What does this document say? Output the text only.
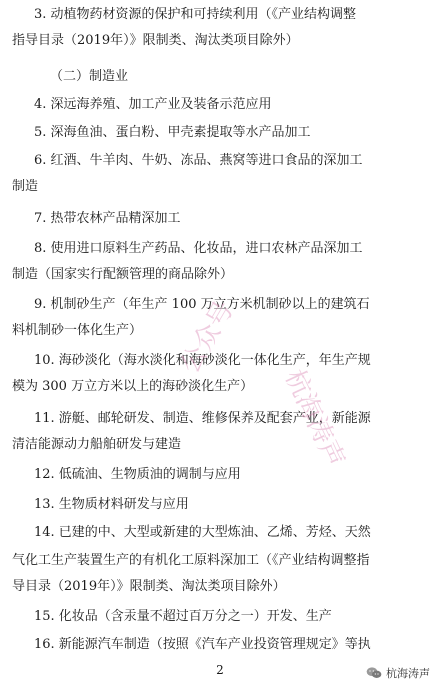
3. 动植物药材资源的保护和可持续利用（《产业结构调整
指导目录（2019年）》限制类、淘汰类项目除外）
（二）制造业
4. 深远海养殖、加工产业及装备示范应用
5. 深海鱼油、蛋白粉、甲壳素提取等水产品加工
6. 红酒、牛羊肉、牛奶、冻品、燕窝等进口食品的深加工
制造
7. 热带农林产品精深加工
8. 使用进口原料生产药品、化妆品，进口农林产品深加工
制造（国家实行配额管理的商品除外）
9. 机制砂生产（年生产 100 万立方米机制砂以上的建筑石
料机制砂一体化生产）
10. 海砂淡化（海水淡化和海砂淡化一体化生产，年生产规
模为 300 万立方米以上的海砂淡化生产）
11. 游艇、邮轮研发、制造、维修保养及配套产业，新能源
清洁能源动力船舶研发与建造
12. 低硫油、生物质油的调制与应用
13. 生物质材料研发与应用
14. 已建的中、大型或新建的大型炼油、乙烯、芳烃、天然
气化工生产装置生产的有机化工原料深加工（《产业结构调整指
导目录（2019年）》限制类、淘汰类项目除外）
15. 化妆品（含汞量不超过百万分之一）开发、生产
16. 新能源汽车制造（按照《汽车产业投资管理规定》等执
公众号
杭海涛声
2	杭海涛声
